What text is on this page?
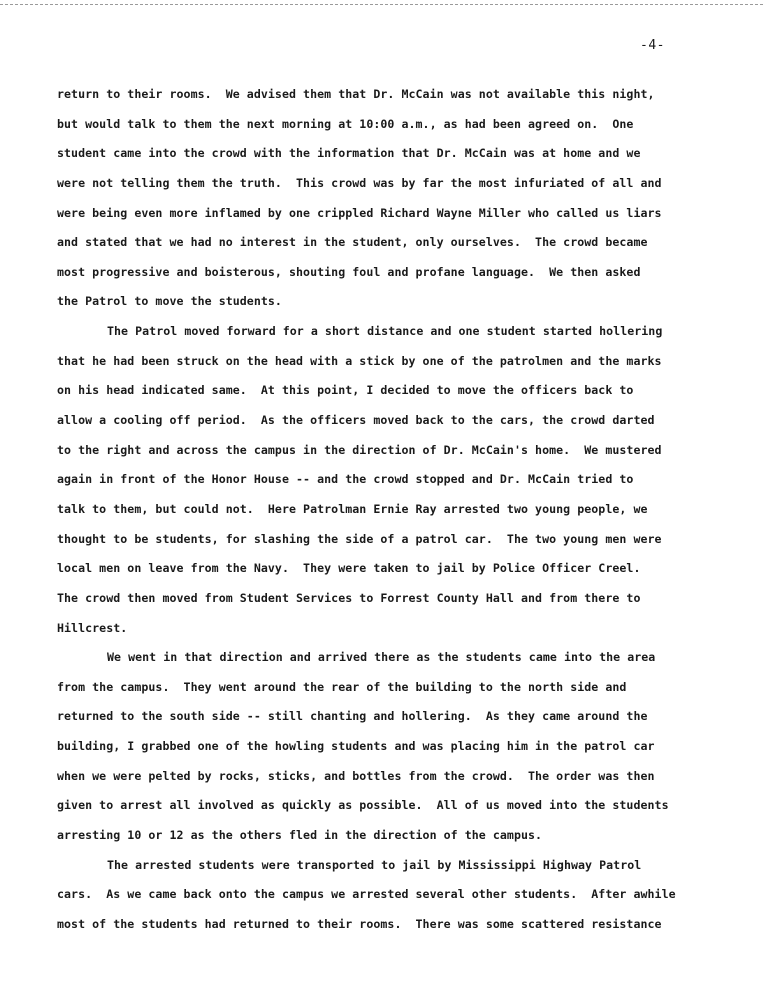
-4-
return to their rooms.  We advised them that Dr. McCain was not available this night,
but would talk to them the next morning at 10:00 a.m., as had been agreed on.  One
student came into the crowd with the information that Dr. McCain was at home and we
were not telling them the truth.  This crowd was by far the most infuriated of all and
were being even more inflamed by one crippled Richard Wayne Miller who called us liars
and stated that we had no interest in the student, only ourselves.  The crowd became
most progressive and boisterous, shouting foul and profane language.  We then asked
the Patrol to move the students.
The Patrol moved forward for a short distance and one student started hollering
that he had been struck on the head with a stick by one of the patrolmen and the marks
on his head indicated same.  At this point, I decided to move the officers back to
allow a cooling off period.  As the officers moved back to the cars, the crowd darted
to the right and across the campus in the direction of Dr. McCain's home.  We mustered
again in front of the Honor House -- and the crowd stopped and Dr. McCain tried to
talk to them, but could not.  Here Patrolman Ernie Ray arrested two young people, we
thought to be students, for slashing the side of a patrol car.  The two young men were
local men on leave from the Navy.  They were taken to jail by Police Officer Creel.
The crowd then moved from Student Services to Forrest County Hall and from there to
Hillcrest.
We went in that direction and arrived there as the students came into the area
from the campus.  They went around the rear of the building to the north side and
returned to the south side -- still chanting and hollering.  As they came around the
building, I grabbed one of the howling students and was placing him in the patrol car
when we were pelted by rocks, sticks, and bottles from the crowd.  The order was then
given to arrest all involved as quickly as possible.  All of us moved into the students
arresting 10 or 12 as the others fled in the direction of the campus.
The arrested students were transported to jail by Mississippi Highway Patrol
cars.  As we came back onto the campus we arrested several other students.  After awhile
most of the students had returned to their rooms.  There was some scattered resistance
